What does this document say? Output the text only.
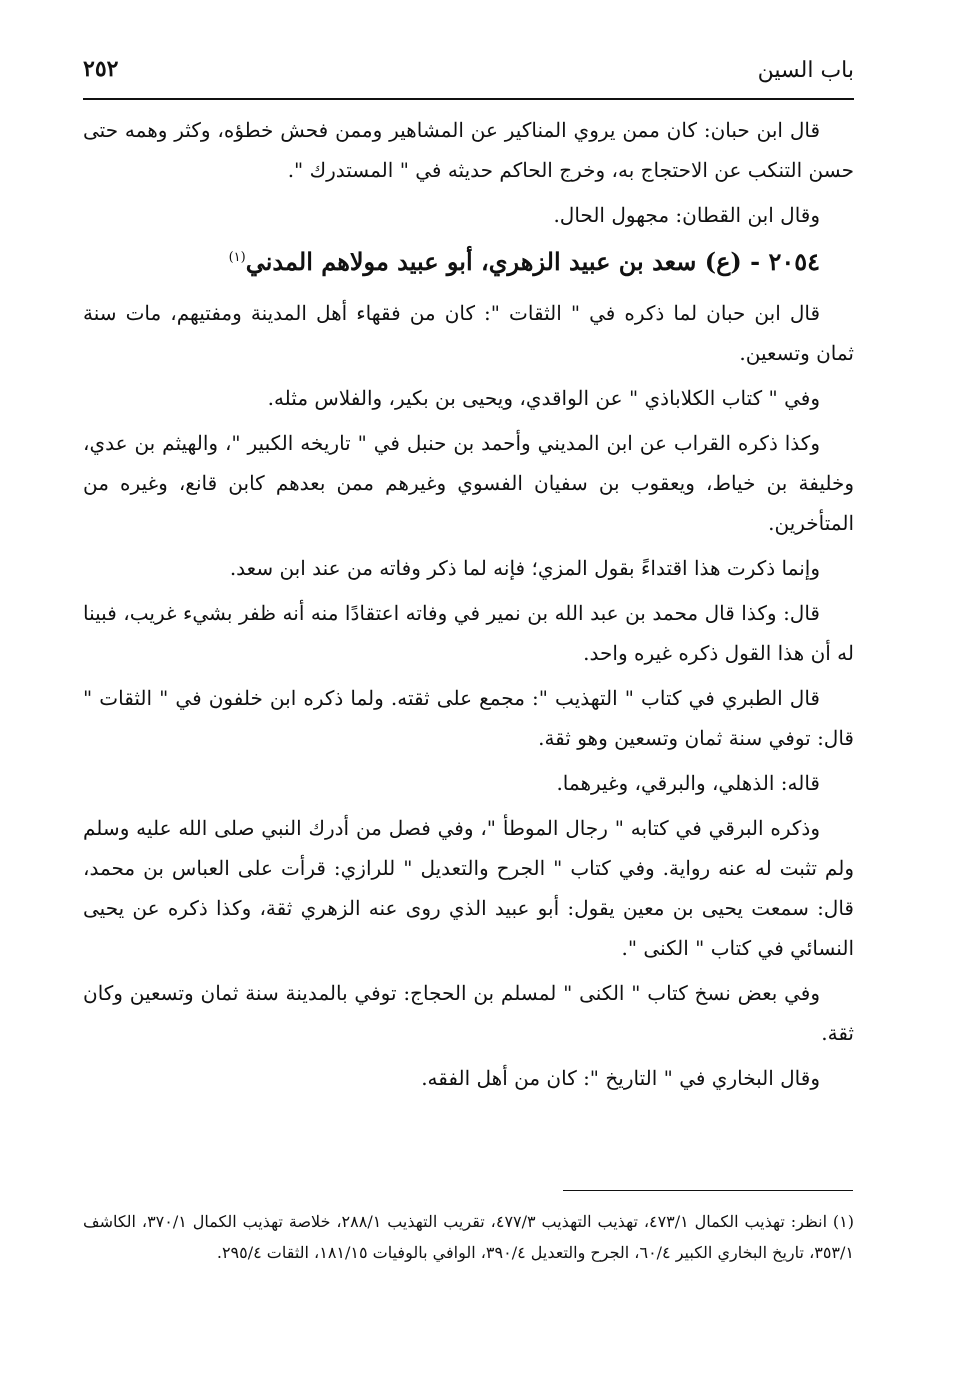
باب السين
٢٥٢

قال ابن حبان: كان ممن يروي المناكير عن المشاهير وممن فحش خطؤه، وكثر وهمه حتى حسن التنكب عن الاحتجاج به، وخرج الحاكم حديثه في " المستدرك ".

وقال ابن القطان: مجهول الحال.

٢٠٥٤ - (ع) سعد بن عبيد الزهري، أبو عبيد مولاهم المدني$^{(١)}$

قال ابن حبان لما ذكره في " الثقات ": كان من فقهاء أهل المدينة ومفتيهم، مات سنة ثمان وتسعين.

وفي " كتاب الكلاباذي " عن الواقدي، ويحيى بن بكير، والفلاس مثله.

وكذا ذكره القراب عن ابن المديني وأحمد بن حنبل في " تاريخه الكبير "، والهيثم بن عدي، وخليفة بن خياط، ويعقوب بن سفيان الفسوي وغيرهم ممن بعدهم كابن قانع، وغيره من المتأخرين.

وإنما ذكرت هذا اقتداءً بقول المزي؛ فإنه لما ذكر وفاته من عند ابن سعد.

قال: وكذا قال محمد بن عبد الله بن نمير في وفاته اعتقادًا منه أنه ظفر بشيء غريب، فبينا له أن هذا القول ذكره غيره واحد.

قال الطبري في كتاب " التهذيب ": مجمع على ثقته. ولما ذكره ابن خلفون في " الثقات " قال: توفي سنة ثمان وتسعين وهو ثقة.

قاله: الذهلي، والبرقي، وغيرهما.

وذكره البرقي في كتابه " رجال الموطأ "، وفي فصل من أدرك النبي صلى الله عليه وسلم ولم تثبت له عنه رواية. وفي كتاب " الجرح والتعديل " للرازي: قرأت على العباس بن محمد، قال: سمعت يحيى بن معين يقول: أبو عبيد الذي روى عنه الزهري ثقة، وكذا ذكره عن يحيى النسائي في كتاب " الكنى ".

وفي بعض نسخ كتاب " الكنى " لمسلم بن الحجاج: توفي بالمدينة سنة ثمان وتسعين وكان ثقة.

وقال البخاري في " التاريخ ": كان من أهل الفقه.

(١) انظر: تهذيب الكمال ٤٧٣/١، تهذيب التهذيب ٤٧٧/٣، تقريب التهذيب ٢٨٨/١، خلاصة تهذيب الكمال ٣٧٠/١، الكاشف ٣٥٣/١، تاريخ البخاري الكبير ٦٠/٤، الجرح والتعديل ٣٩٠/٤، الوافي بالوفيات ١٨١/١٥، الثقات ٢٩٥/٤.
